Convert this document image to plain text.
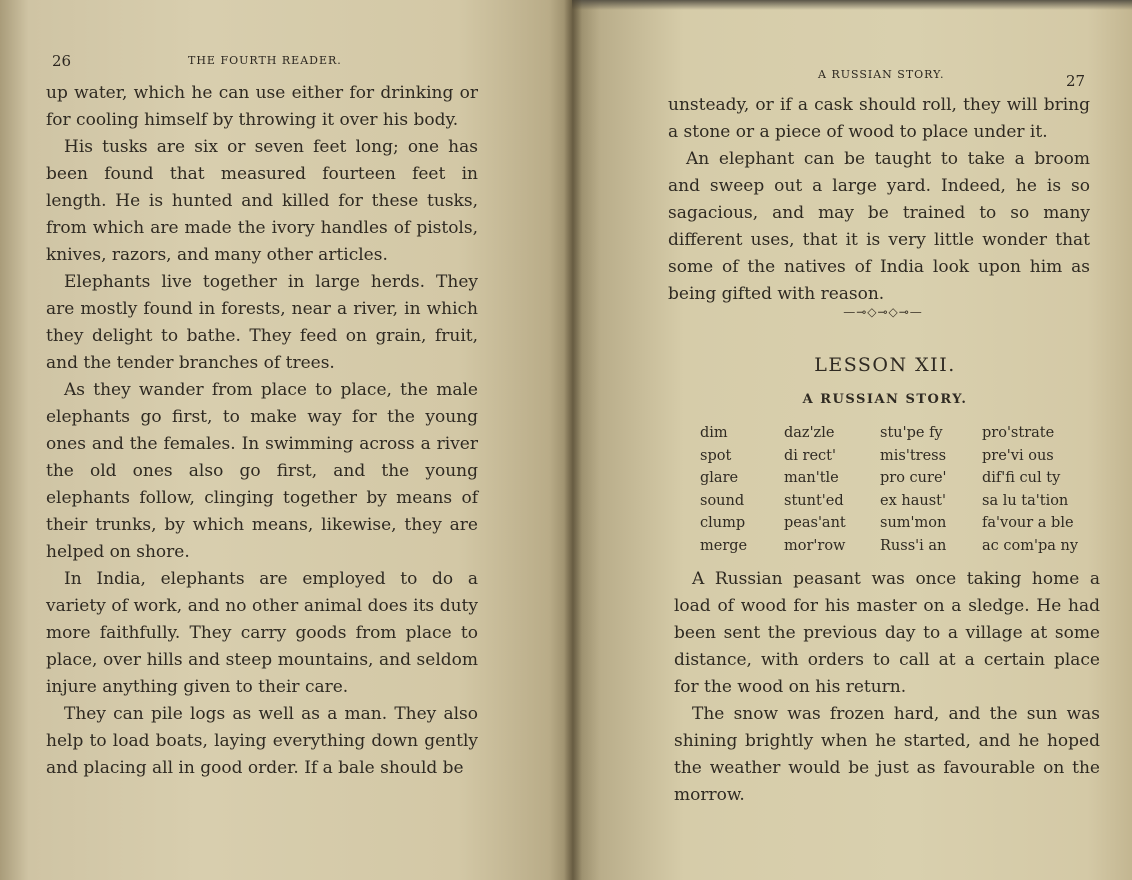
26	THE FOURTH READER.

up water, which he can use either for drinking or for cooling himself by throwing it over his body.

His tusks are six or seven feet long; one has been found that measured fourteen feet in length. He is hunted and killed for these tusks, from which are made the ivory handles of pistols, knives, razors, and many other articles.

Elephants live together in large herds. They are mostly found in forests, near a river, in which they delight to bathe. They feed on grain, fruit, and the tender branches of trees.

As they wander from place to place, the male elephants go first, to make way for the young ones and the females. In swimming across a river the old ones also go first, and the young elephants follow, clinging together by means of their trunks, by which means, likewise, they are helped on shore.

In India, elephants are employed to do a variety of work, and no other animal does its duty more faithfully. They carry goods from place to place, over hills and steep mountains, and seldom injure anything given to their care.

They can pile logs as well as a man. They also help to load boats, laying everything down gently and placing all in good order. If a bale should be

A RUSSIAN STORY.	27

unsteady, or if a cask should roll, they will bring a stone or a piece of wood to place under it.

An elephant can be taught to take a broom and sweep out a large yard. Indeed, he is so sagacious, and may be trained to so many different uses, that it is very little wonder that some of the natives of India look upon him as being gifted with reason.

—⊸◇⊸◇⊸—
LESSON XII.
A RUSSIAN STORY.
dim	daz'zle	stu'pe fy	pro'strate
spot	di rect'	mis'tress	pre'vi ous
glare	man'tle	pro cure'	dif'fi cul ty
sound	stunt'ed	ex haust'	sa lu ta'tion
clump	peas'ant	sum'mon	fa'vour a ble
merge	mor'row	Russ'i an	ac com'pa ny

A Russian peasant was once taking home a load of wood for his master on a sledge. He had been sent the previous day to a village at some distance, with orders to call at a certain place for the wood on his return.

The snow was frozen hard, and the sun was shining brightly when he started, and he hoped the weather would be just as favourable on the morrow.
